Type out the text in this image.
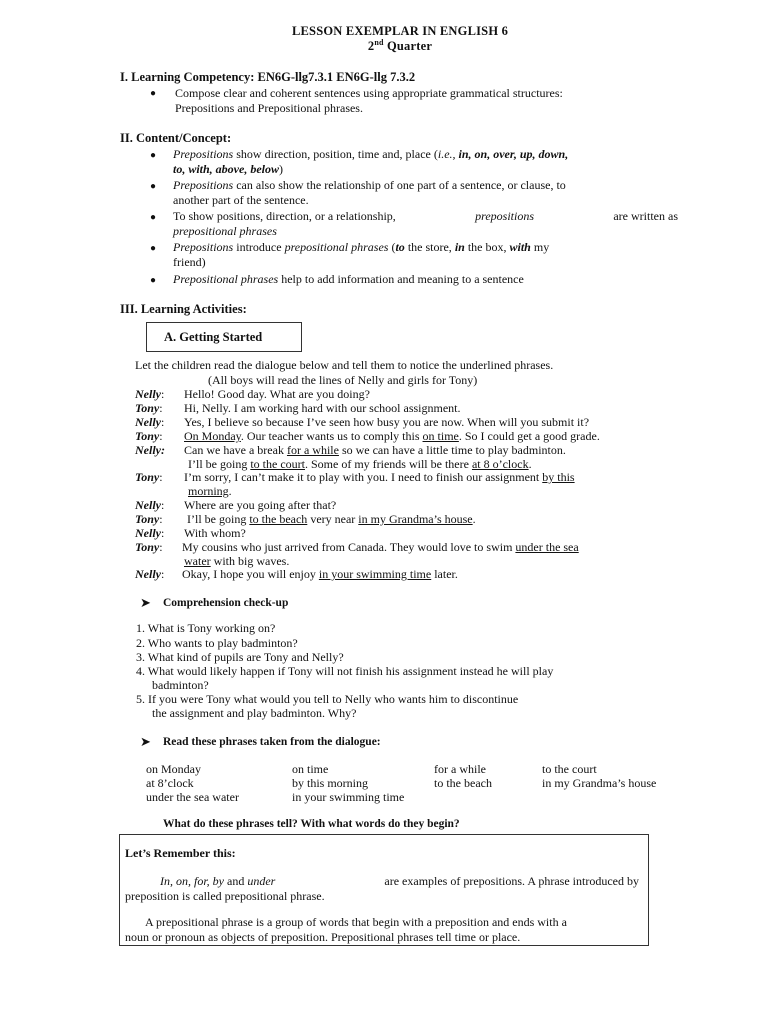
LESSON EXEMPLAR IN ENGLISH 6
2nd Quarter
I. Learning Competency: EN6G-llg7.3.1 EN6G-llg 7.3.2
●	Compose clear and coherent sentences using appropriate grammatical structures:
Prepositions and Prepositional phrases.
II. Content/Concept:
●	Prepositions show direction, position, time and, place (i.e., in, on, over, up, down,
to, with, above, below)
●	Prepositions can also show the relationship of one part of a sentence, or clause, to
another part of the sentence.
●	To show positions, direction, or a relationship,	prepositions	are written as
prepositional phrases
●	Prepositions introduce prepositional phrases (to the store, in the box, with my
friend)
●	Prepositional phrases help to add information and meaning to a sentence
III. Learning Activities:
A. Getting Started
Let the children read the dialogue below and tell them to notice the underlined phrases.
(All boys will read the lines of Nelly and girls for Tony)
Nelly: Hello! Good day. What are you doing?
Tony: Hi, Nelly. I am working hard with our school assignment.
Nelly: Yes, I believe so because I’ve seen how busy you are now. When will you submit it?
Tony: On Monday. Our teacher wants us to comply this on time. So I could get a good grade.
Nelly: Can we have a break for a while so we can have a little time to play badminton.
I’ll be going to the court. Some of my friends will be there at 8 o’clock.
Tony: I’m sorry, I can’t make it to play with you. I need to finish our assignment by this
morning.
Nelly: Where are you going after that?
Tony: I’ll be going to the beach very near in my Grandma’s house.
Nelly: With whom?
Tony: My cousins who just arrived from Canada. They would love to swim under the sea
water with big waves.
Nelly: Okay, I hope you will enjoy in your swimming time later.
➤ Comprehension check-up
1. What is Tony working on?
2. Who wants to play badminton?
3. What kind of pupils are Tony and Nelly?
4. What would likely happen if Tony will not finish his assignment instead he will play
badminton?
5. If you were Tony what would you tell to Nelly who wants him to discontinue
the assignment and play badminton. Why?
➤ Read these phrases taken from the dialogue:
on Monday	on time	for a while	to the court
at 8’clock	by this morning	to the beach	in my Grandma’s house
under the sea water	in your swimming time
What do these phrases tell? With what words do they begin?
Let’s Remember this:
In, on, for, by and under	are examples of prepositions. A phrase introduced by
preposition is called prepositional phrase.
A prepositional phrase is a group of words that begin with a preposition and ends with a
noun or pronoun as objects of preposition. Prepositional phrases tell time or place.
